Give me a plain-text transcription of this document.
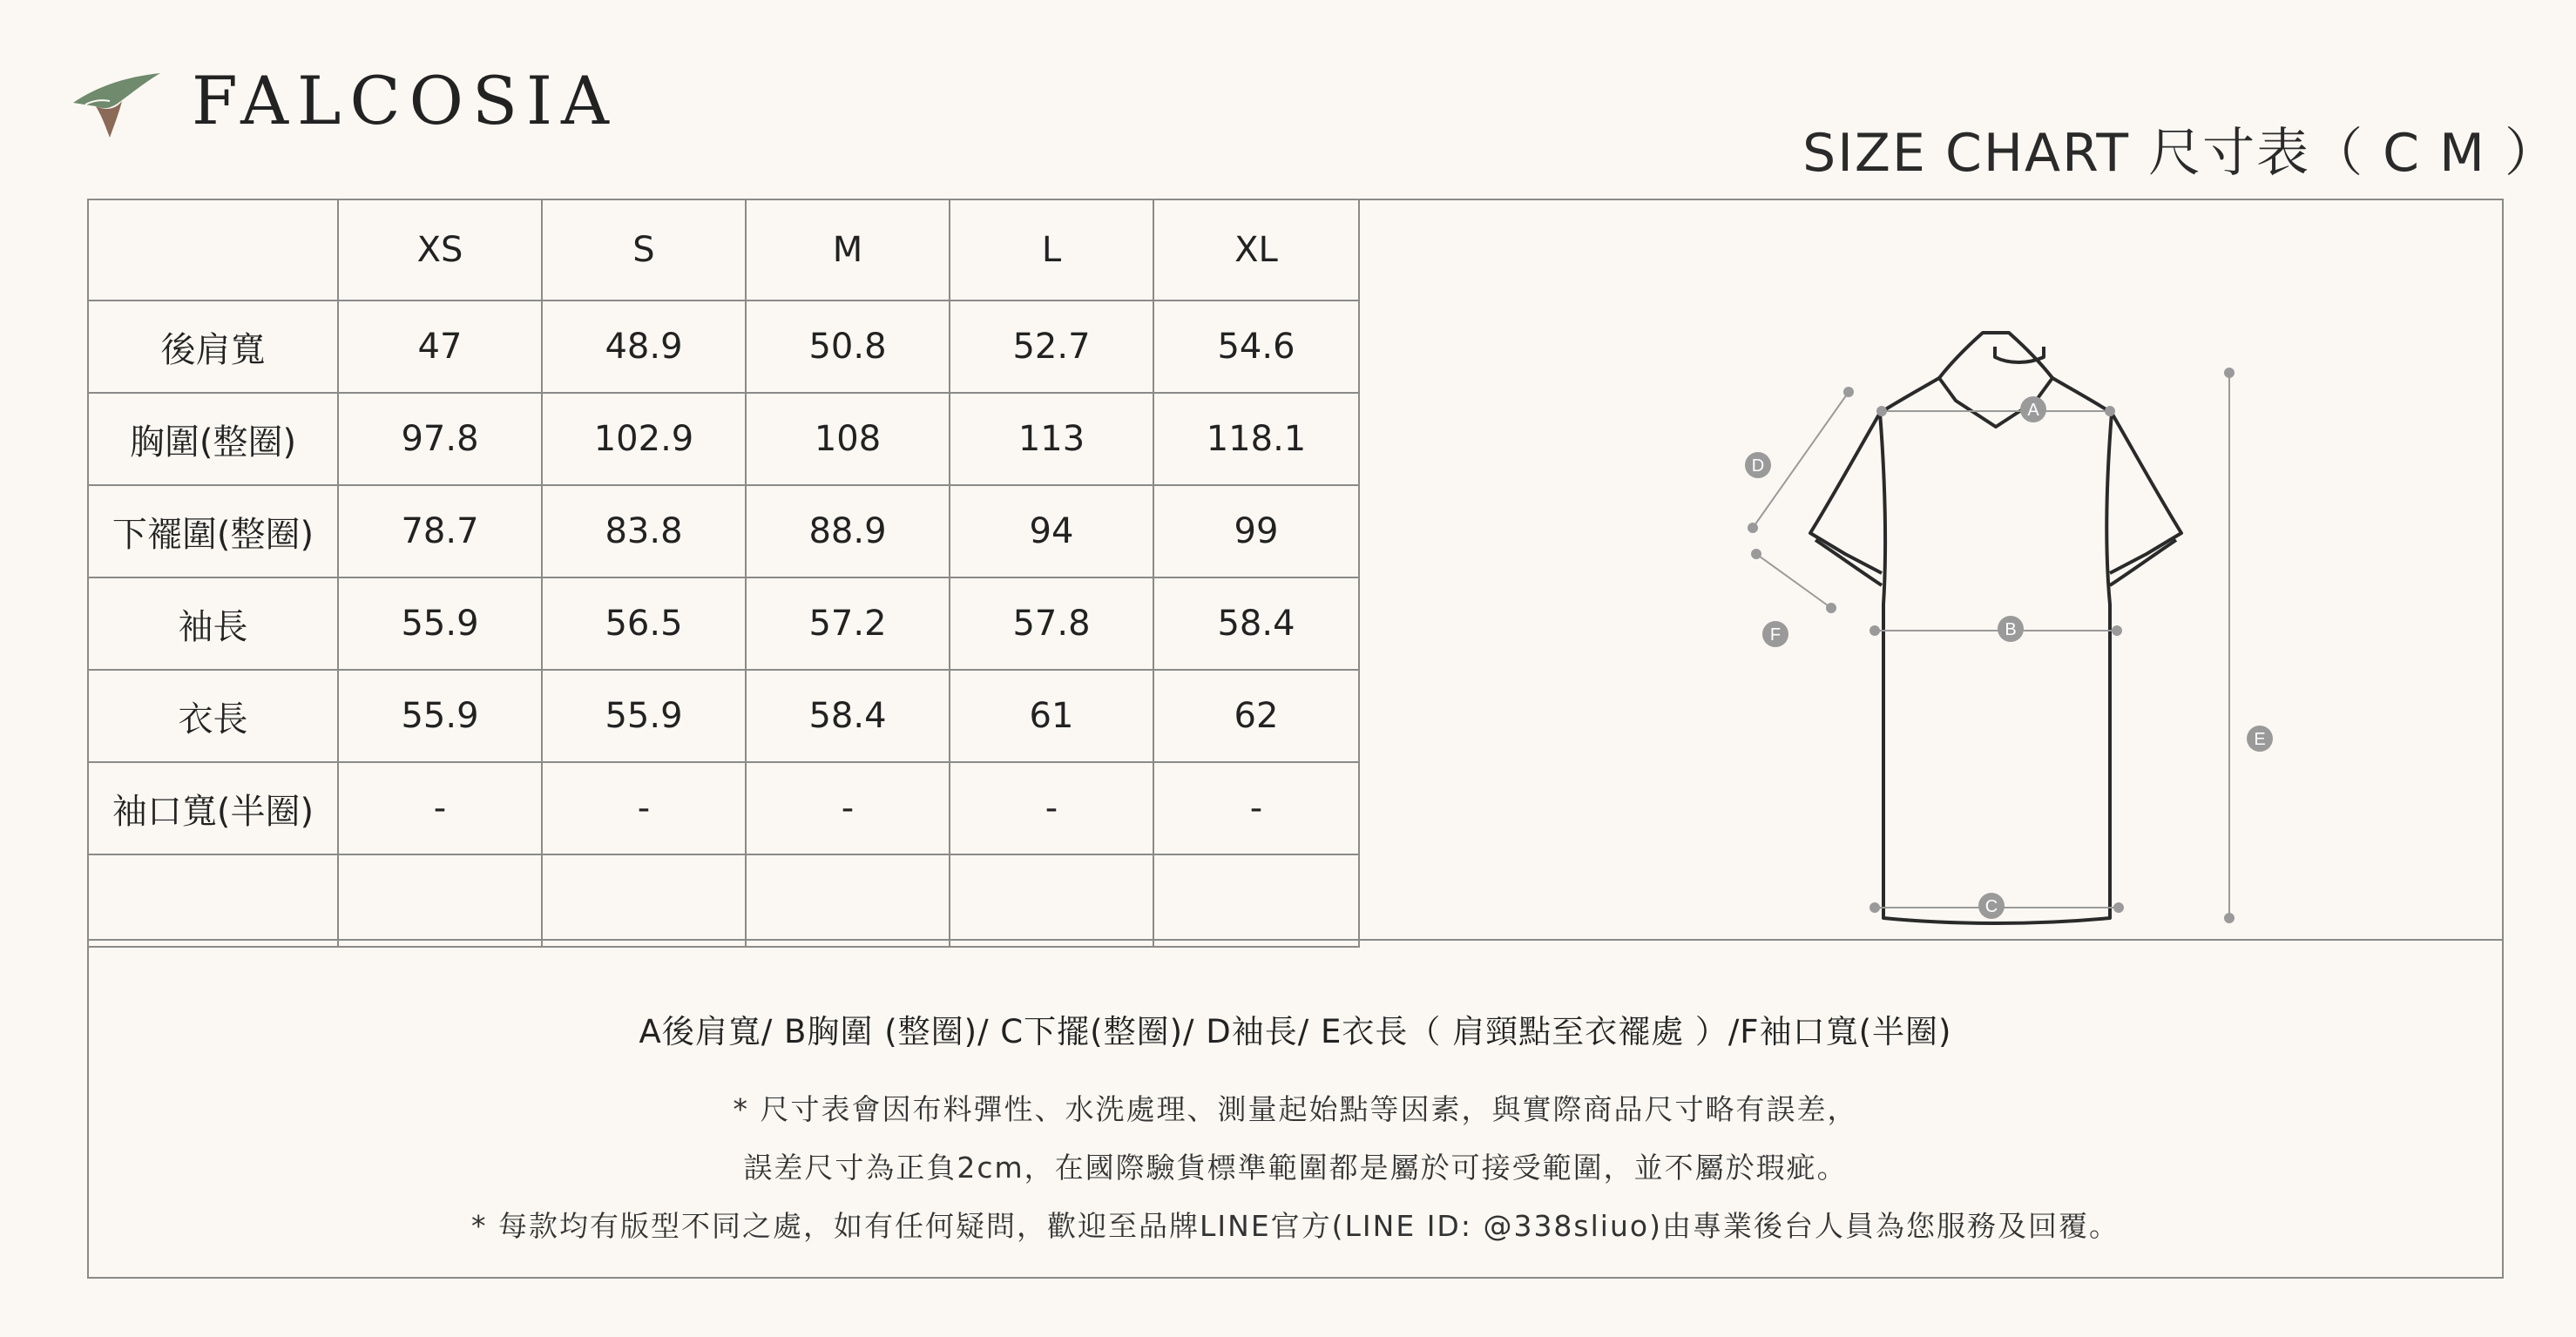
FALCOSIA
SIZE CHART 尺寸表（ C M ）
	XS	S	M	L	XL
後肩寬	47	48.9	50.8	52.7	54.6
胸圍(整圈)	97.8	102.9	108	113	118.1
下襬圍(整圈)	78.7	83.8	88.9	94	99
袖長	55.9	56.5	57.2	57.8	58.4
衣長	55.9	55.9	58.4	61	62
袖口寬(半圈)	-	-	-	-	-

A
B
C
D
E
F
A後肩寬/ B胸圍 (整圈)/ C下擺(整圈)/ D袖長/ E衣長（ 肩頸點至衣襬處 ）/F袖口寬(半圈)
* 尺寸表會因布料彈性、水洗處理、測量起始點等因素，與實際商品尺寸略有誤差，
誤差尺寸為正負2cm，在國際驗貨標準範圍都是屬於可接受範圍，並不屬於瑕疵。
* 每款均有版型不同之處，如有任何疑問，歡迎至品牌LINE官方(LINE ID: @338sliuo)由專業後台人員為您服務及回覆。
